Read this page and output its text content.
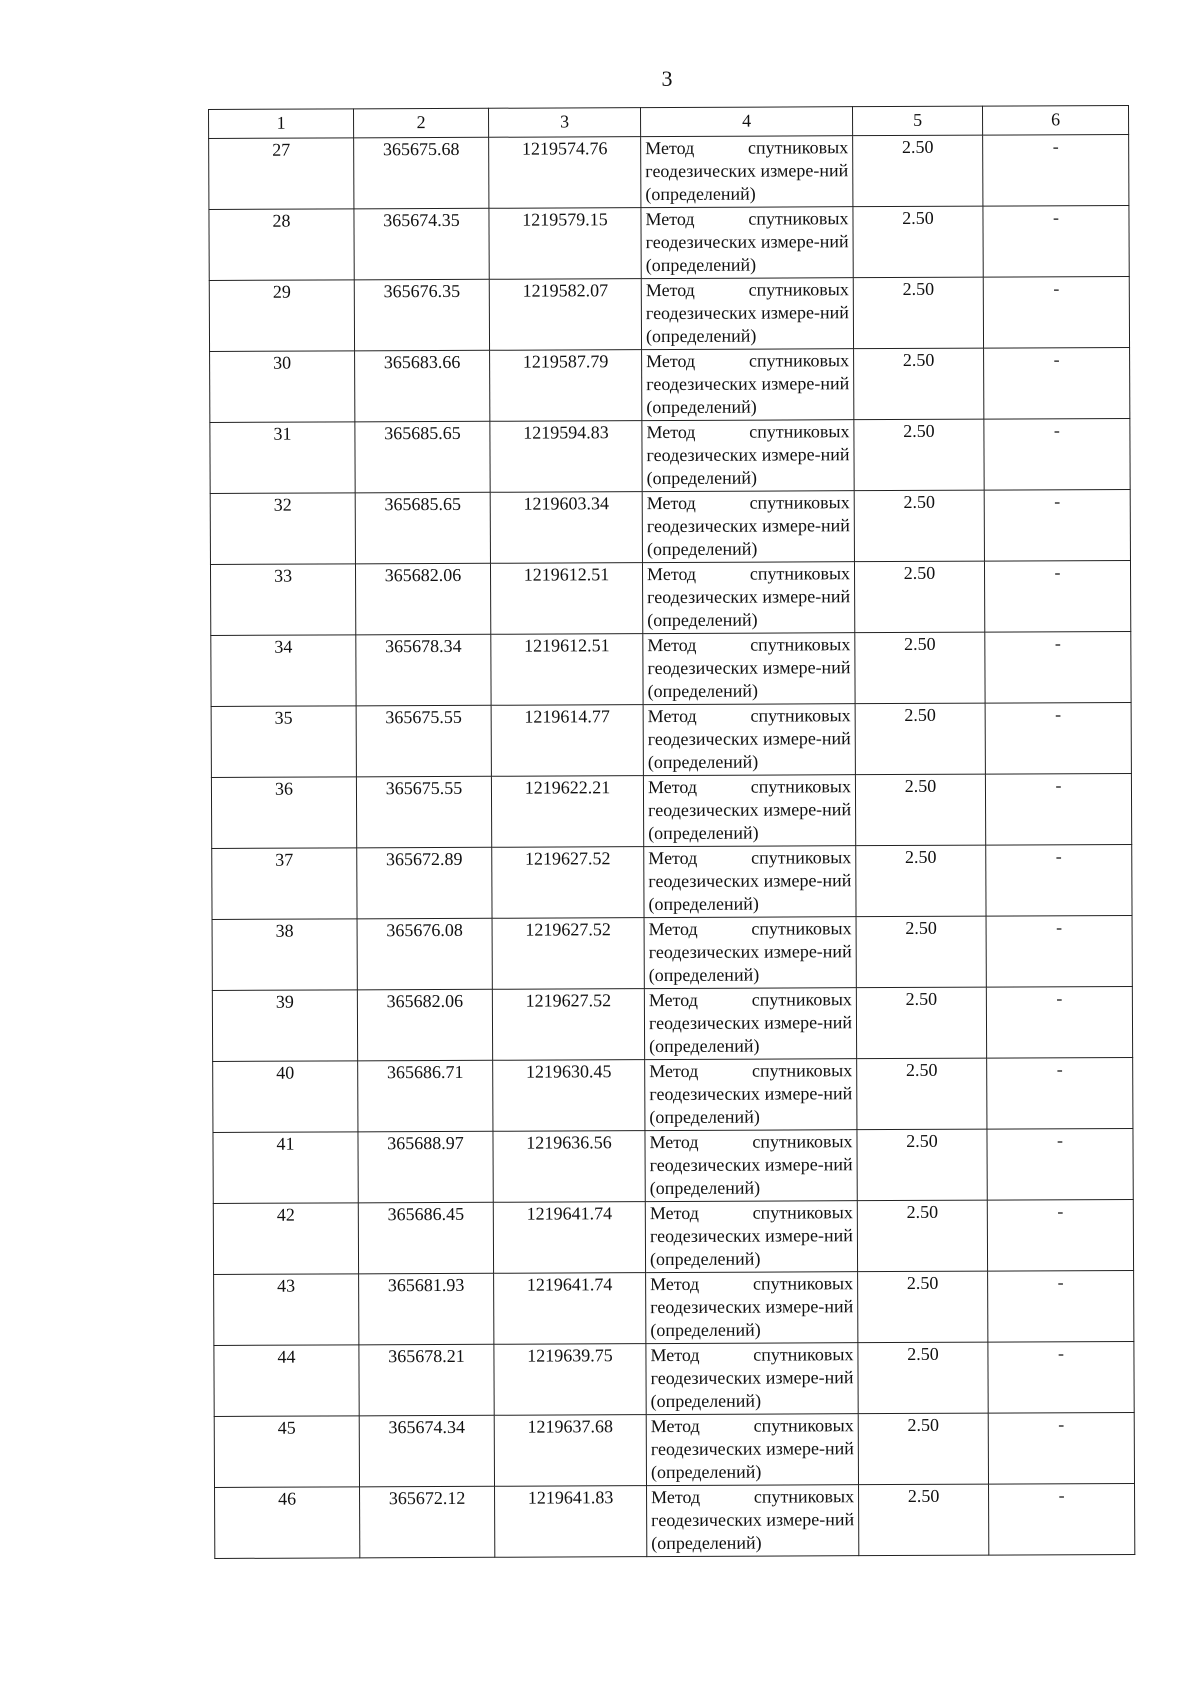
3
1	2	3	4	5	6
27	365675.68	1219574.76	Метод спутниковых геодезических измере-ний (определений)	2.50	-
28	365674.35	1219579.15	Метод спутниковых геодезических измере-ний (определений)	2.50	-
29	365676.35	1219582.07	Метод спутниковых геодезических измере-ний (определений)	2.50	-
30	365683.66	1219587.79	Метод спутниковых геодезических измере-ний (определений)	2.50	-
31	365685.65	1219594.83	Метод спутниковых геодезических измере-ний (определений)	2.50	-
32	365685.65	1219603.34	Метод спутниковых геодезических измере-ний (определений)	2.50	-
33	365682.06	1219612.51	Метод спутниковых геодезических измере-ний (определений)	2.50	-
34	365678.34	1219612.51	Метод спутниковых геодезических измере-ний (определений)	2.50	-
35	365675.55	1219614.77	Метод спутниковых геодезических измере-ний (определений)	2.50	-
36	365675.55	1219622.21	Метод спутниковых геодезических измере-ний (определений)	2.50	-
37	365672.89	1219627.52	Метод спутниковых геодезических измере-ний (определений)	2.50	-
38	365676.08	1219627.52	Метод спутниковых геодезических измере-ний (определений)	2.50	-
39	365682.06	1219627.52	Метод спутниковых геодезических измере-ний (определений)	2.50	-
40	365686.71	1219630.45	Метод спутниковых геодезических измере-ний (определений)	2.50	-
41	365688.97	1219636.56	Метод спутниковых геодезических измере-ний (определений)	2.50	-
42	365686.45	1219641.74	Метод спутниковых геодезических измере-ний (определений)	2.50	-
43	365681.93	1219641.74	Метод спутниковых геодезических измере-ний (определений)	2.50	-
44	365678.21	1219639.75	Метод спутниковых геодезических измере-ний (определений)	2.50	-
45	365674.34	1219637.68	Метод спутниковых геодезических измере-ний (определений)	2.50	-
46	365672.12	1219641.83	Метод спутниковых геодезических измере-ний (определений)	2.50	-
